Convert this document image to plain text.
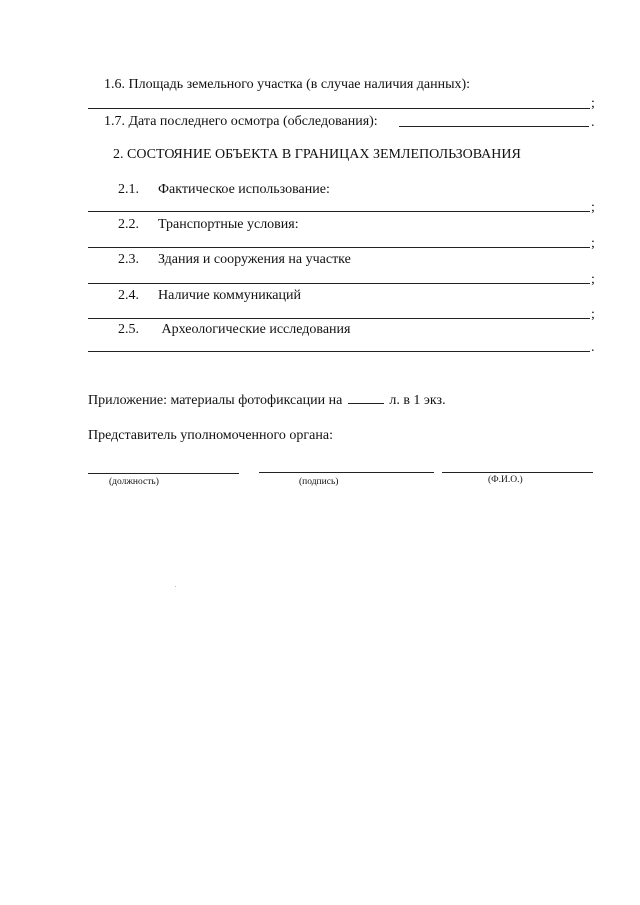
1.6. Площадь земельного участка (в случае наличия данных):
;
1.7. Дата последнего осмотра (обследования):	.
2. СОСТОЯНИЕ ОБЪЕКТА В ГРАНИЦАХ ЗЕМЛЕПОЛЬЗОВАНИЯ
2.1. Фактическое использование:
;
2.2. Транспортные условия:
;
2.3. Здания и сооружения на участке
;
2.4. Наличие коммуникаций
;
2.5. Археологические исследования
.
Приложение: материалы фотофиксации на	л. в 1 экз.
Представитель уполномоченного органа:
(должность)	(подпись)	(Ф.И.О.)
